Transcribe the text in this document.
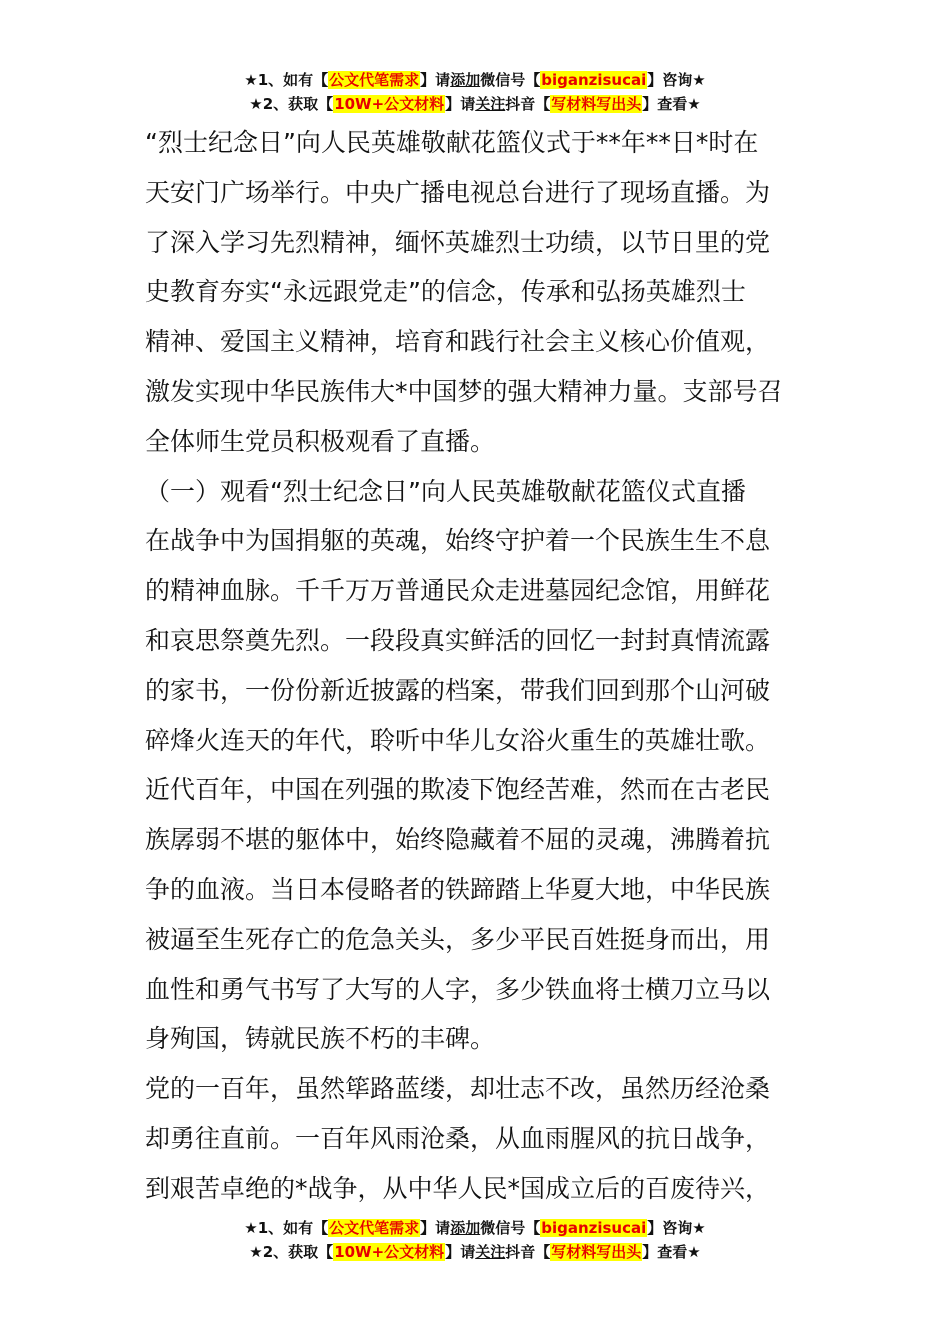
★1、如有【公文代笔需求】请添加微信号【biganzisucai】咨询★
★2、获取【10W+公文材料】请关注抖音【写材料写出头】查看★

“烈士纪念日”向人民英雄敬献花篮仪式于**年**日*时在

天安门广场举行。中央广播电视总台进行了现场直播。为

了深入学习先烈精神，缅怀英雄烈士功绩，以节日里的党

史教育夯实“永远跟党走”的信念，传承和弘扬英雄烈士

精神、爱国主义精神，培育和践行社会主义核心价值观，

激发实现中华民族伟大*中国梦的强大精神力量。支部号召

全体师生党员积极观看了直播。

（一）观看“烈士纪念日”向人民英雄敬献花篮仪式直播

在战争中为国捐躯的英魂，始终守护着一个民族生生不息

的精神血脉。千千万万普通民众走进墓园纪念馆，用鲜花

和哀思祭奠先烈。一段段真实鲜活的回忆一封封真情流露

的家书，一份份新近披露的档案，带我们回到那个山河破

碎烽火连天的年代，聆听中华儿女浴火重生的英雄壮歌。

近代百年，中国在列强的欺凌下饱经苦难，然而在古老民

族孱弱不堪的躯体中，始终隐藏着不屈的灵魂，沸腾着抗

争的血液。当日本侵略者的铁蹄踏上华夏大地，中华民族

被逼至生死存亡的危急关头，多少平民百姓挺身而出，用

血性和勇气书写了大写的人字，多少铁血将士横刀立马以

身殉国，铸就民族不朽的丰碑。

党的一百年，虽然筚路蓝缕，却壮志不改，虽然历经沧桑

却勇往直前。一百年风雨沧桑，从血雨腥风的抗日战争，

到艰苦卓绝的*战争，从中华人民*国成立后的百废待兴，

★1、如有【公文代笔需求】请添加微信号【biganzisucai】咨询★
★2、获取【10W+公文材料】请关注抖音【写材料写出头】查看★
